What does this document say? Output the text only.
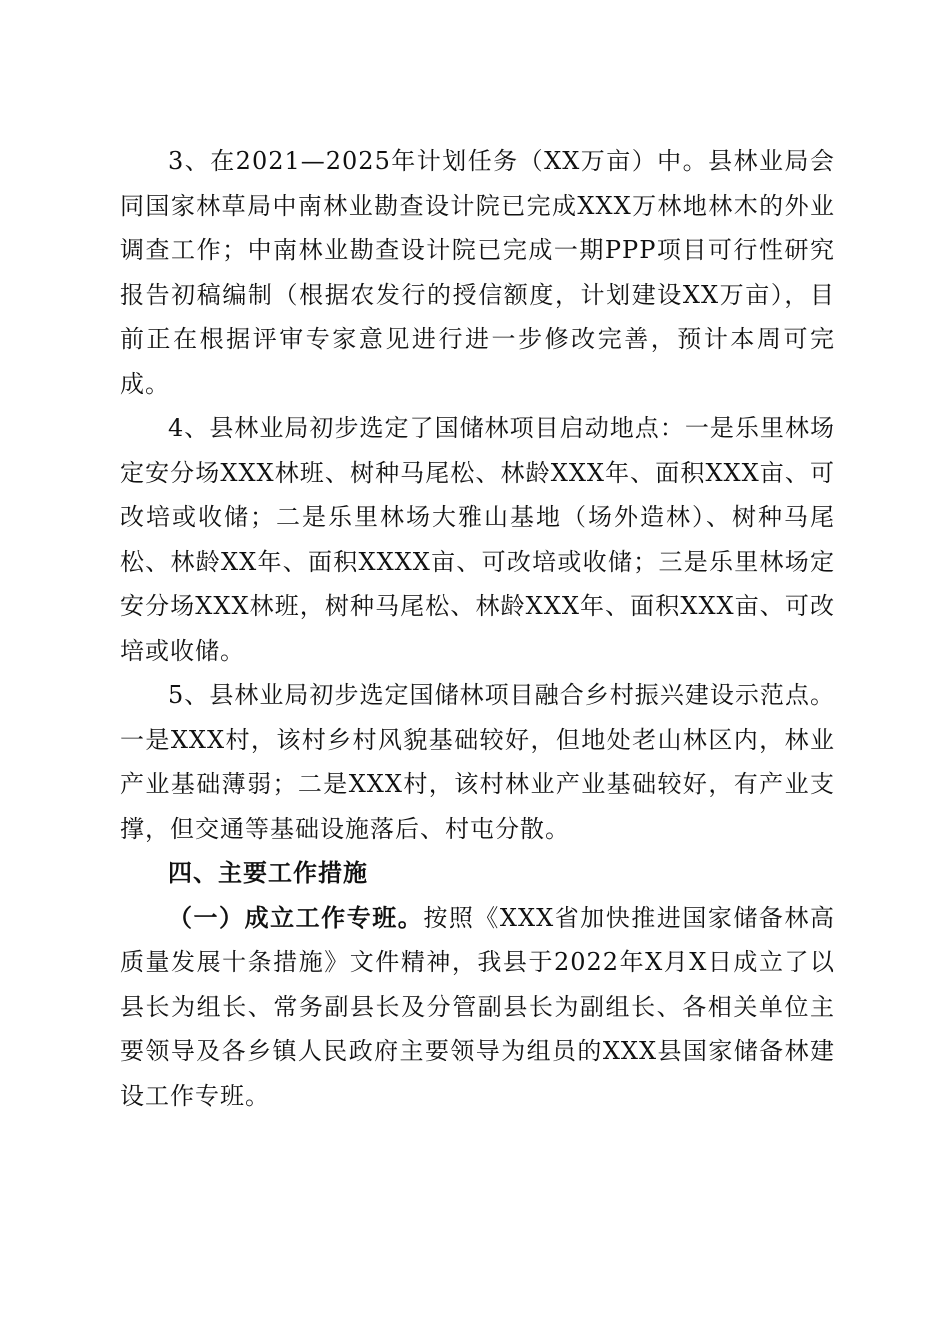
3、在2021—2025年计划任务（XX万亩）中。县林业局会同国家林草局中南林业勘查设计院已完成XXX万林地林木的外业调查工作；中南林业勘查设计院已完成一期PPP项目可行性研究报告初稿编制（根据农发行的授信额度，计划建设XX万亩），目前正在根据评审专家意见进行进一步修改完善，预计本周可完成。

4、县林业局初步选定了国储林项目启动地点：一是乐里林场定安分场XXX林班、树种马尾松、林龄XXX年、面积XXX亩、可改培或收储；二是乐里林场大雅山基地（场外造林）、树种马尾松、林龄XX年、面积XXXX亩、可改培或收储；三是乐里林场定安分场XXX林班，树种马尾松、林龄XXX年、面积XXX亩、可改培或收储。

5、县林业局初步选定国储林项目融合乡村振兴建设示范点。一是XXX村，该村乡村风貌基础较好，但地处老山林区内，林业产业基础薄弱；二是XXX村，该村林业产业基础较好，有产业支撑，但交通等基础设施落后、村屯分散。

四、主要工作措施

（一）成立工作专班。按照《XXX省加快推进国家储备林高质量发展十条措施》文件精神，我县于2022年X月X日成立了以县长为组长、常务副县长及分管副县长为副组长、各相关单位主要领导及各乡镇人民政府主要领导为组员的XXX县国家储备林建设工作专班。
